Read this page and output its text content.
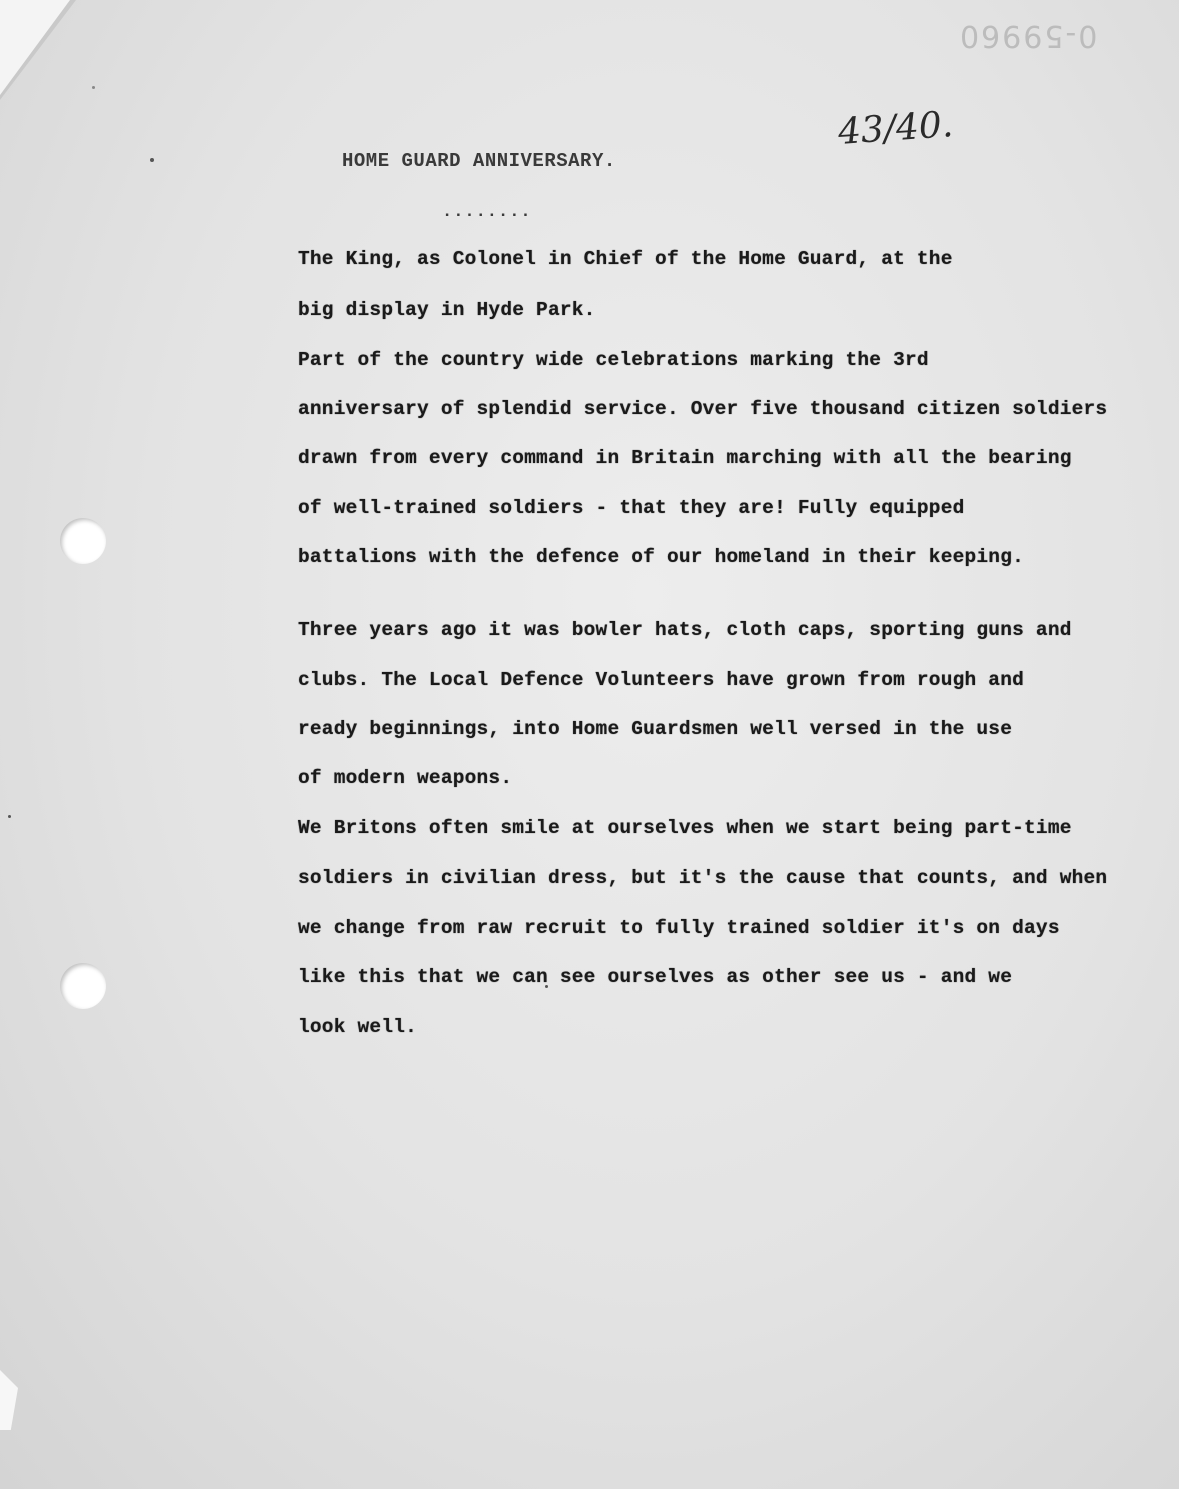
0-59960
43/40.
HOME GUARD ANNIVERSARY.
........
The King, as Colonel in Chief of the Home Guard, at the
big display in Hyde Park.
Part of the country wide celebrations marking the 3rd
anniversary of splendid service. Over five thousand citizen soldiers
drawn from every command in Britain marching with all the bearing
of well-trained soldiers - that they are! Fully equipped
battalions with the defence of our homeland in their keeping.
Three years ago it was bowler hats, cloth caps, sporting guns and
clubs. The Local Defence Volunteers have grown from rough and
ready beginnings, into Home Guardsmen well versed in the use
of modern weapons.
We Britons often smile at ourselves when we start being part-time
soldiers in civilian dress, but it's the cause that counts, and when
we change from raw recruit to fully trained soldier it's on days
like this that we can see ourselves as other see us - and we
look well.
